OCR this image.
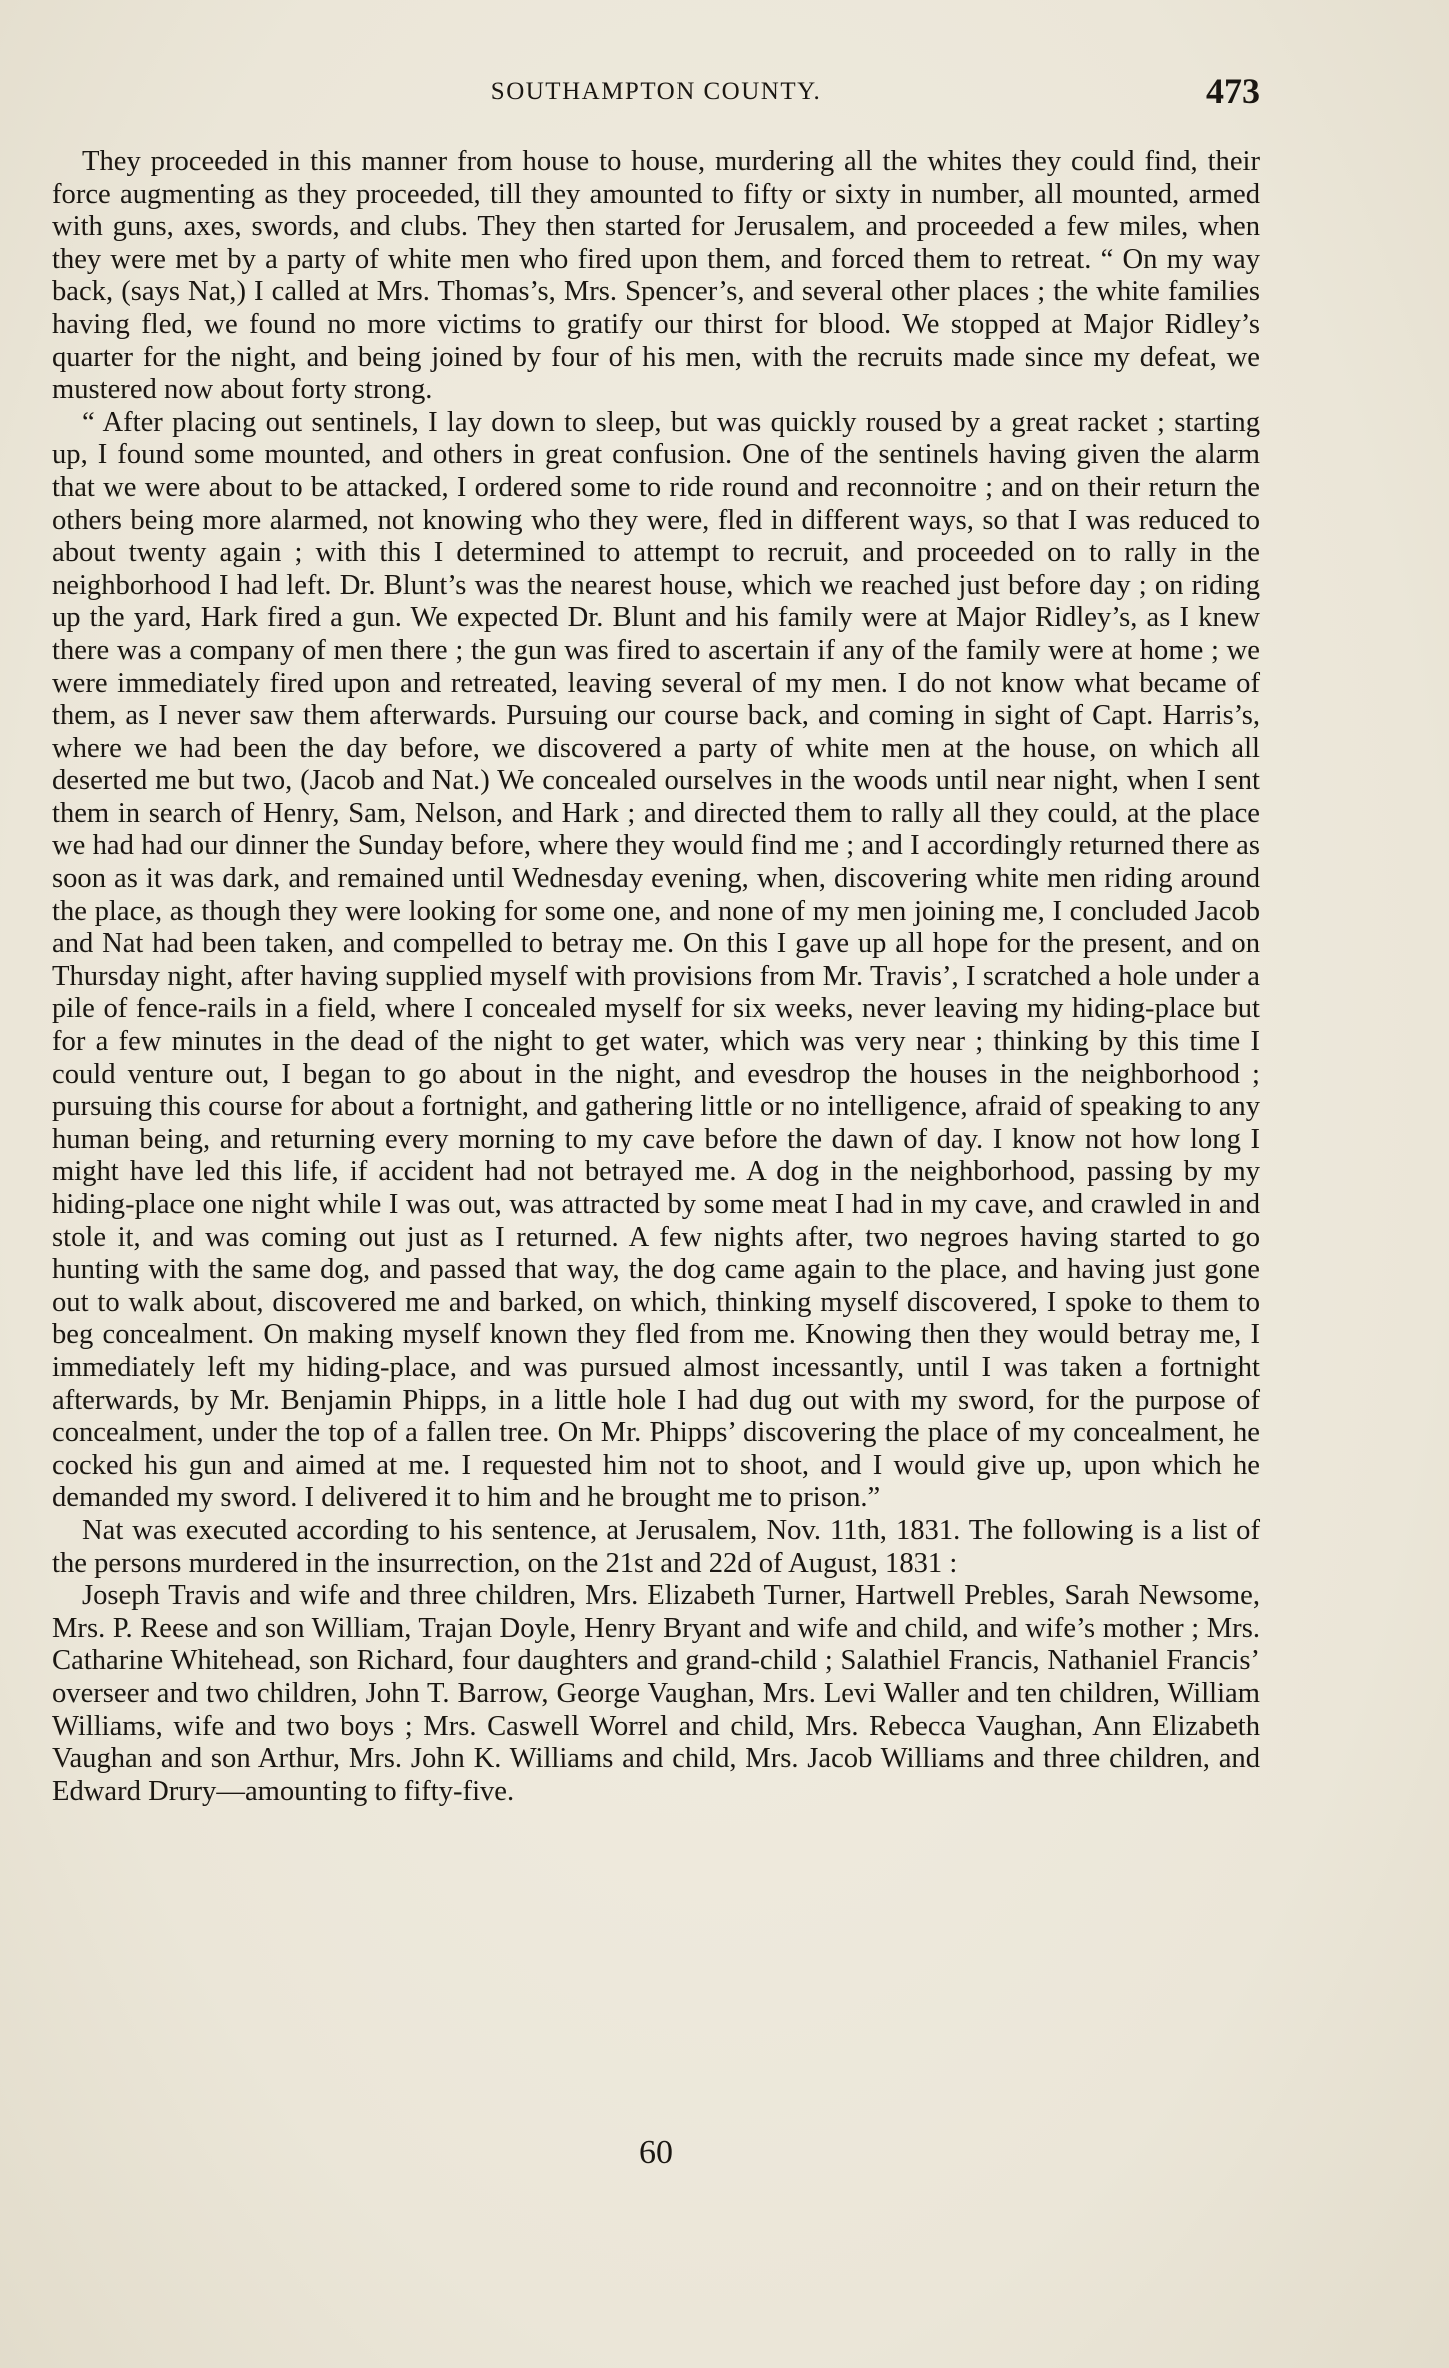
SOUTHAMPTON COUNTY.	473

They proceeded in this manner from house to house, murdering all the whites they could find, their force augmenting as they proceeded, till they amounted to fifty or sixty in number, all mounted, armed with guns, axes, swords, and clubs. They then started for Jerusalem, and proceeded a few miles, when they were met by a party of white men who fired upon them, and forced them to retreat. “ On my way back, (says Nat,) I called at Mrs. Thomas’s, Mrs. Spencer’s, and several other places ; the white families having fled, we found no more victims to gratify our thirst for blood. We stopped at Major Ridley’s quarter for the night, and being joined by four of his men, with the recruits made since my defeat, we mustered now about forty strong.

“ After placing out sentinels, I lay down to sleep, but was quickly roused by a great racket ; starting up, I found some mounted, and others in great confusion. One of the sentinels having given the alarm that we were about to be attacked, I ordered some to ride round and reconnoitre ; and on their return the others being more alarmed, not knowing who they were, fled in different ways, so that I was reduced to about twenty again ; with this I determined to attempt to recruit, and proceeded on to rally in the neighborhood I had left. Dr. Blunt’s was the nearest house, which we reached just before day ; on riding up the yard, Hark fired a gun. We expected Dr. Blunt and his family were at Major Ridley’s, as I knew there was a company of men there ; the gun was fired to ascertain if any of the family were at home ; we were immediately fired upon and retreated, leaving several of my men. I do not know what became of them, as I never saw them afterwards. Pursuing our course back, and coming in sight of Capt. Harris’s, where we had been the day before, we discovered a party of white men at the house, on which all deserted me but two, (Jacob and Nat.) We concealed ourselves in the woods until near night, when I sent them in search of Henry, Sam, Nelson, and Hark ; and directed them to rally all they could, at the place we had had our dinner the Sunday before, where they would find me ; and I accordingly returned there as soon as it was dark, and remained until Wednesday evening, when, discovering white men riding around the place, as though they were looking for some one, and none of my men joining me, I concluded Jacob and Nat had been taken, and compelled to betray me. On this I gave up all hope for the present, and on Thursday night, after having supplied myself with provisions from Mr. Travis’, I scratched a hole under a pile of fence-rails in a field, where I concealed myself for six weeks, never leaving my hiding-place but for a few minutes in the dead of the night to get water, which was very near ; thinking by this time I could venture out, I began to go about in the night, and evesdrop the houses in the neighborhood ; pursuing this course for about a fortnight, and gathering little or no intelligence, afraid of speaking to any human being, and returning every morning to my cave before the dawn of day. I know not how long I might have led this life, if accident had not betrayed me. A dog in the neighborhood, passing by my hiding-place one night while I was out, was attracted by some meat I had in my cave, and crawled in and stole it, and was coming out just as I returned. A few nights after, two negroes having started to go hunting with the same dog, and passed that way, the dog came again to the place, and having just gone out to walk about, discovered me and barked, on which, thinking myself discovered, I spoke to them to beg concealment. On making myself known they fled from me. Knowing then they would betray me, I immediately left my hiding-place, and was pursued almost incessantly, until I was taken a fortnight afterwards, by Mr. Benjamin Phipps, in a little hole I had dug out with my sword, for the purpose of concealment, under the top of a fallen tree. On Mr. Phipps’ discovering the place of my concealment, he cocked his gun and aimed at me. I requested him not to shoot, and I would give up, upon which he demanded my sword. I delivered it to him and he brought me to prison.”

Nat was executed according to his sentence, at Jerusalem, Nov. 11th, 1831. The following is a list of the persons murdered in the insurrection, on the 21st and 22d of August, 1831 :

Joseph Travis and wife and three children, Mrs. Elizabeth Turner, Hartwell Prebles, Sarah Newsome, Mrs. P. Reese and son William, Trajan Doyle, Henry Bryant and wife and child, and wife’s mother ; Mrs. Catharine Whitehead, son Richard, four daughters and grand-child ; Salathiel Francis, Nathaniel Francis’ overseer and two children, John T. Barrow, George Vaughan, Mrs. Levi Waller and ten children, William Williams, wife and two boys ; Mrs. Caswell Worrel and child, Mrs. Rebecca Vaughan, Ann Elizabeth Vaughan and son Arthur, Mrs. John K. Williams and child, Mrs. Jacob Williams and three children, and Edward Drury—amounting to fifty-five.

60
